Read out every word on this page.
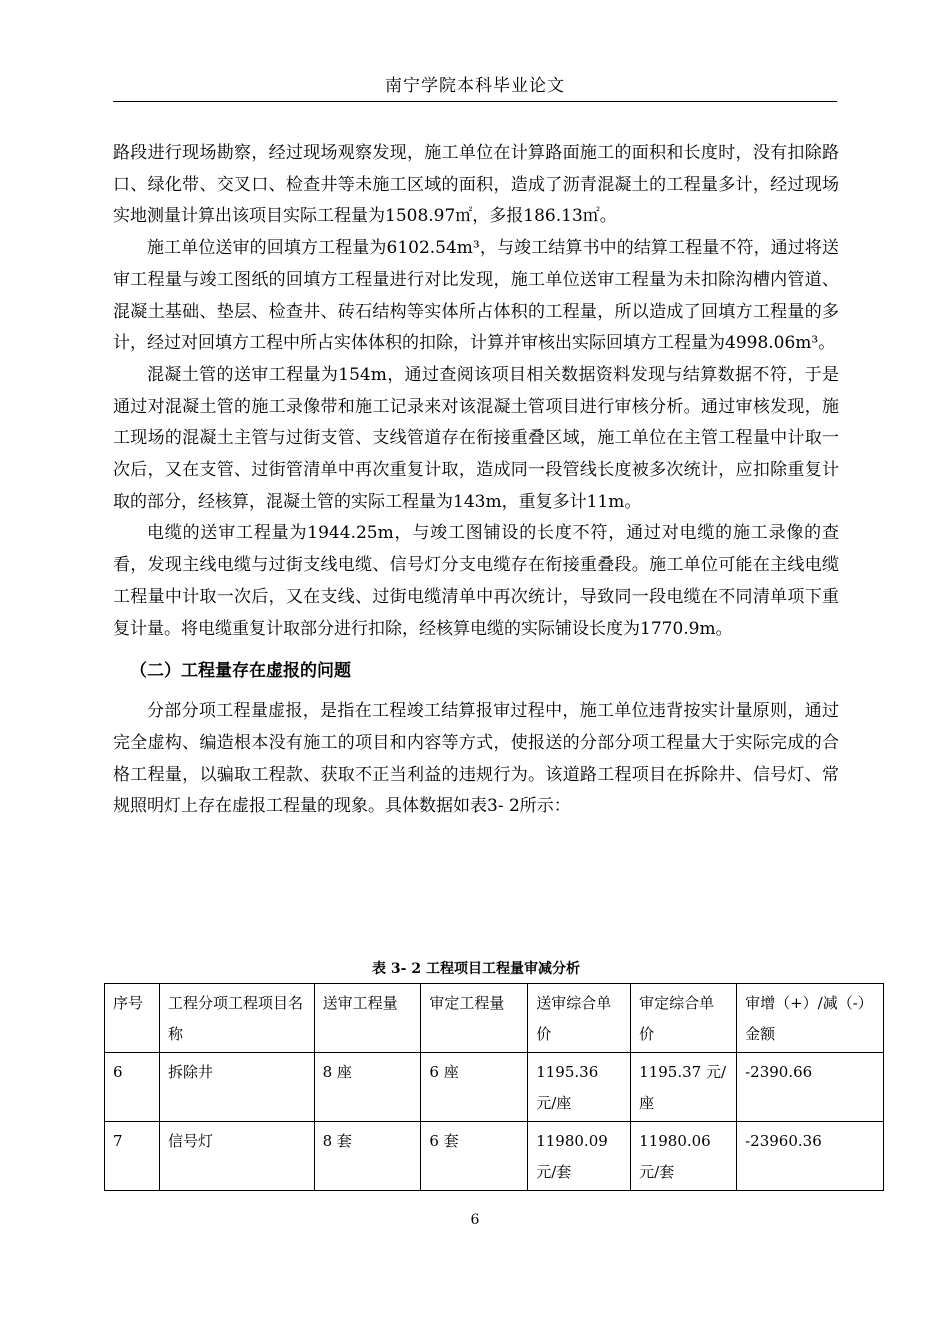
南宁学院本科毕业论文

路段进行现场勘察，经过现场观察发现，施工单位在计算路面施工的面积和长度时，没有扣除路口、绿化带、交叉口、检查井等未施工区域的面积，造成了沥青混凝土的工程量多计，经过现场实地测量计算出该项目实际工程量为1508.97㎡，多报186.13㎡。

施工单位送审的回填方工程量为6102.54m³，与竣工结算书中的结算工程量不符，通过将送审工程量与竣工图纸的回填方工程量进行对比发现，施工单位送审工程量为未扣除沟槽内管道、混凝土基础、垫层、检查井、砖石结构等实体所占体积的工程量，所以造成了回填方工程量的多计，经过对回填方工程中所占实体体积的扣除，计算并审核出实际回填方工程量为4998.06m³。

混凝土管的送审工程量为154m，通过查阅该项目相关数据资料发现与结算数据不符，于是通过对混凝土管的施工录像带和施工记录来对该混凝土管项目进行审核分析。通过审核发现，施工现场的混凝土主管与过街支管、支线管道存在衔接重叠区域，施工单位在主管工程量中计取一次后，又在支管、过街管清单中再次重复计取，造成同一段管线长度被多次统计，应扣除重复计取的部分，经核算，混凝土管的实际工程量为143m，重复多计11m。

电缆的送审工程量为1944.25m，与竣工图铺设的长度不符，通过对电缆的施工录像的查看，发现主线电缆与过街支线电缆、信号灯分支电缆存在衔接重叠段。施工单位可能在主线电缆工程量中计取一次后，又在支线、过街电缆清单中再次统计，导致同一段电缆在不同清单项下重复计量。将电缆重复计取部分进行扣除，经核算电缆的实际铺设长度为1770.9m。

（二）工程量存在虚报的问题

分部分项工程量虚报，是指在工程竣工结算报审过程中，施工单位违背按实计量原则，通过完全虚构、编造根本没有施工的项目和内容等方式，使报送的分部分项工程量大于实际完成的合格工程量，以骗取工程款、获取不正当利益的违规行为。该道路工程项目在拆除井、信号灯、常规照明灯上存在虚报工程量的现象。具体数据如表3- 2所示：

表 3- 2 工程项目工程量审减分析
序号	工程分项工程项目名称	送审工程量	审定工程量	送审综合单价	审定综合单价	审增（+）/减（-）金额
6	拆除井	8 座	6 座	1195.36 元/座	1195.37 元/座	-2390.66
7	信号灯	8 套	6 套	11980.09 元/套	11980.06 元/套	-23960.36
6
